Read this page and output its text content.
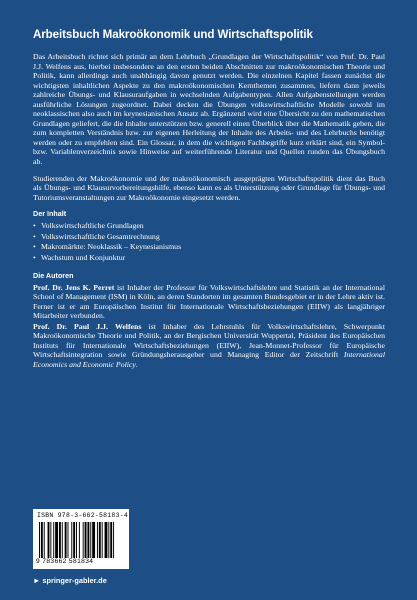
Arbeitsbuch Makroökonomik und Wirtschaftspolitik

Das Arbeitsbuch richtet sich primär an dem Lehrbuch „Grundlagen der Wirtschaftspolitik“ von Prof. Dr. Paul J.J. Welfens aus, hierbei insbesondere an den ersten beiden Abschnitten zur makroökonomischen Theorie und Politik, kann allerdings auch unabhängig davon genutzt werden. Die einzelnen Kapitel fassen zunächst die wichtigsten inhaltlichen Aspekte zu den makroökonomischen Kernthemen zusammen, liefern dann jeweils zahlreiche Übungs- und Klausuraufgaben in wechselnden Aufgabentypen. Allen Aufgabenstellungen werden ausführliche Lösungen zugeordnet. Dabei decken die Übungen volkswirtschaftliche Modelle sowohl im neoklassischen also auch im keynesianischen Ansatz ab. Ergänzend wird eine Übersicht zu den mathematischen Grundlagen geliefert, die die Inhalte unterstützen bzw. generell einen Überblick über die Mathematik geben, die zum kompletten Verständnis bzw. zur eigenen Herleitung der Inhalte des Arbeits- und des Lehrbuchs benötigt werden oder zu empfehlen sind. Ein Glossar, in dem die wichtigen Fachbegriffe kurz erklärt sind, ein Symbol- bzw. Variablenverzeichnis sowie Hinweise auf weiterführende Literatur und Quellen runden das Übungsbuch ab.

Studierenden der Makroökonomie und der makroökonomisch ausgeprägten Wirtschaftspolitik dient das Buch als Übungs- und Klausurvorbereitungshilfe, ebenso kann es als Unterstützung oder Grundlage für Übungs- und Tutoriumsveranstaltungen zur Makroökonomie eingesetzt werden.

Der Inhalt
• Volkswirtschaftliche Grundlagen
• Volkswirtschaftliche Gesamtrechnung
• Makromärkte: Neoklassik – Keynesianismus
• Wachstum und Konjunktur
Die Autoren

Prof. Dr. Jens K. Perret ist Inhaber der Professur für Volkswirtschaftslehre und Statistik an der International School of Management (ISM) in Köln, an deren Standorten im gesamten Bundesgebiet er in der Lehre aktiv ist. Ferner ist er am Europäischen Institut für Internationale Wirtschaftsbeziehungen (EIIW) als langjähriger Mitarbeiter verbunden.

Prof. Dr. Paul J.J. Welfens ist Inhaber des Lehrstuhls für Volkswirtschaftslehre, Schwerpunkt Makroökonomische Theorie und Politik, an der Bergischen Universität Wuppertal, Präsident des Europäischen Instituts für Internationale Wirtschaftsbeziehungen (EIIW), Jean-Monnet-Professor für Europäische Wirtschaftsintegration sowie Gründungsherausgeber und Managing Editor der Zeitschrift International Economics and Economic Policy.

ISBN 978-3-662-58183-4
9 783662 581834
► springer-gabler.de
